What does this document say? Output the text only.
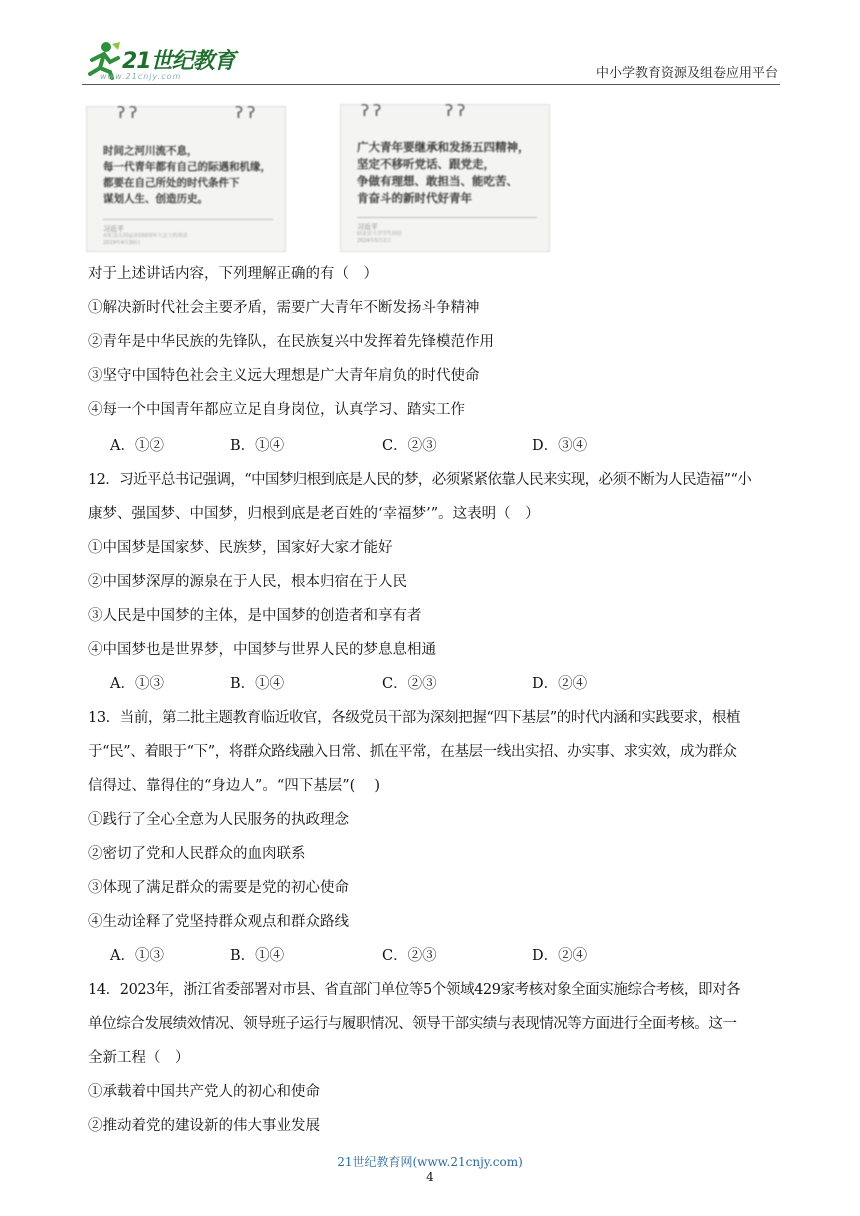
21世纪教育
www.21cnjy.com	中小学教育资源及组卷应用平台
ʔʔ	ʔʔ
时间之河川流不息，
每一代青年都有自己的际遇和机缘，
都要在自己所处的时代条件下
谋划人生、创造历史。
习近平
在纪念五四运动100周年大会上的讲话
2019年4月30日
ʔʔ	ʔʔ
广大青年要继承和发扬五四精神，
坚定不移听党话、跟党走，
争做有理想、敢担当、能吃苦、
肯奋斗的新时代好青年
习近平
给北京大学学生回信
2024年5月2日
对于上述讲话内容，下列理解正确的有（　）
①解决新时代社会主要矛盾，需要广大青年不断发扬斗争精神
②青年是中华民族的先锋队，在民族复兴中发挥着先锋模范作用
③坚守中国特色社会主义远大理想是广大青年肩负的时代使命
④每一个中国青年都应立足自身岗位，认真学习、踏实工作
A．①②	B．①④	C．②③	D．③④
12．习近平总书记强调，“中国梦归根到底是人民的梦，必须紧紧依靠人民来实现，必须不断为人民造福”“小
康梦、强国梦、中国梦，归根到底是老百姓的‘幸福梦’”。这表明（　）
①中国梦是国家梦、民族梦，国家好大家才能好
②中国梦深厚的源泉在于人民，根本归宿在于人民
③人民是中国梦的主体，是中国梦的创造者和享有者
④中国梦也是世界梦，中国梦与世界人民的梦息息相通
A．①③	B．①④	C．②③	D．②④
13．当前，第二批主题教育临近收官，各级党员干部为深刻把握“四下基层”的时代内涵和实践要求，根植
于“民”、着眼于“下”，将群众路线融入日常、抓在平常，在基层一线出实招、办实事、求实效，成为群众
信得过、靠得住的“身边人”。“四下基层”(　 )
①践行了全心全意为人民服务的执政理念
②密切了党和人民群众的血肉联系
③体现了满足群众的需要是党的初心使命
④生动诠释了党坚持群众观点和群众路线
A．①③	B．①④	C．②③	D．②④
14．2023年，浙江省委部署对市县、省直部门单位等5个领域429家考核对象全面实施综合考核，即对各
单位综合发展绩效情况、领导班子运行与履职情况、领导干部实绩与表现情况等方面进行全面考核。这一
全新工程（　）
①承载着中国共产党人的初心和使命
②推动着党的建设新的伟大事业发展
21世纪教育网(www.21cnjy.com)
4
